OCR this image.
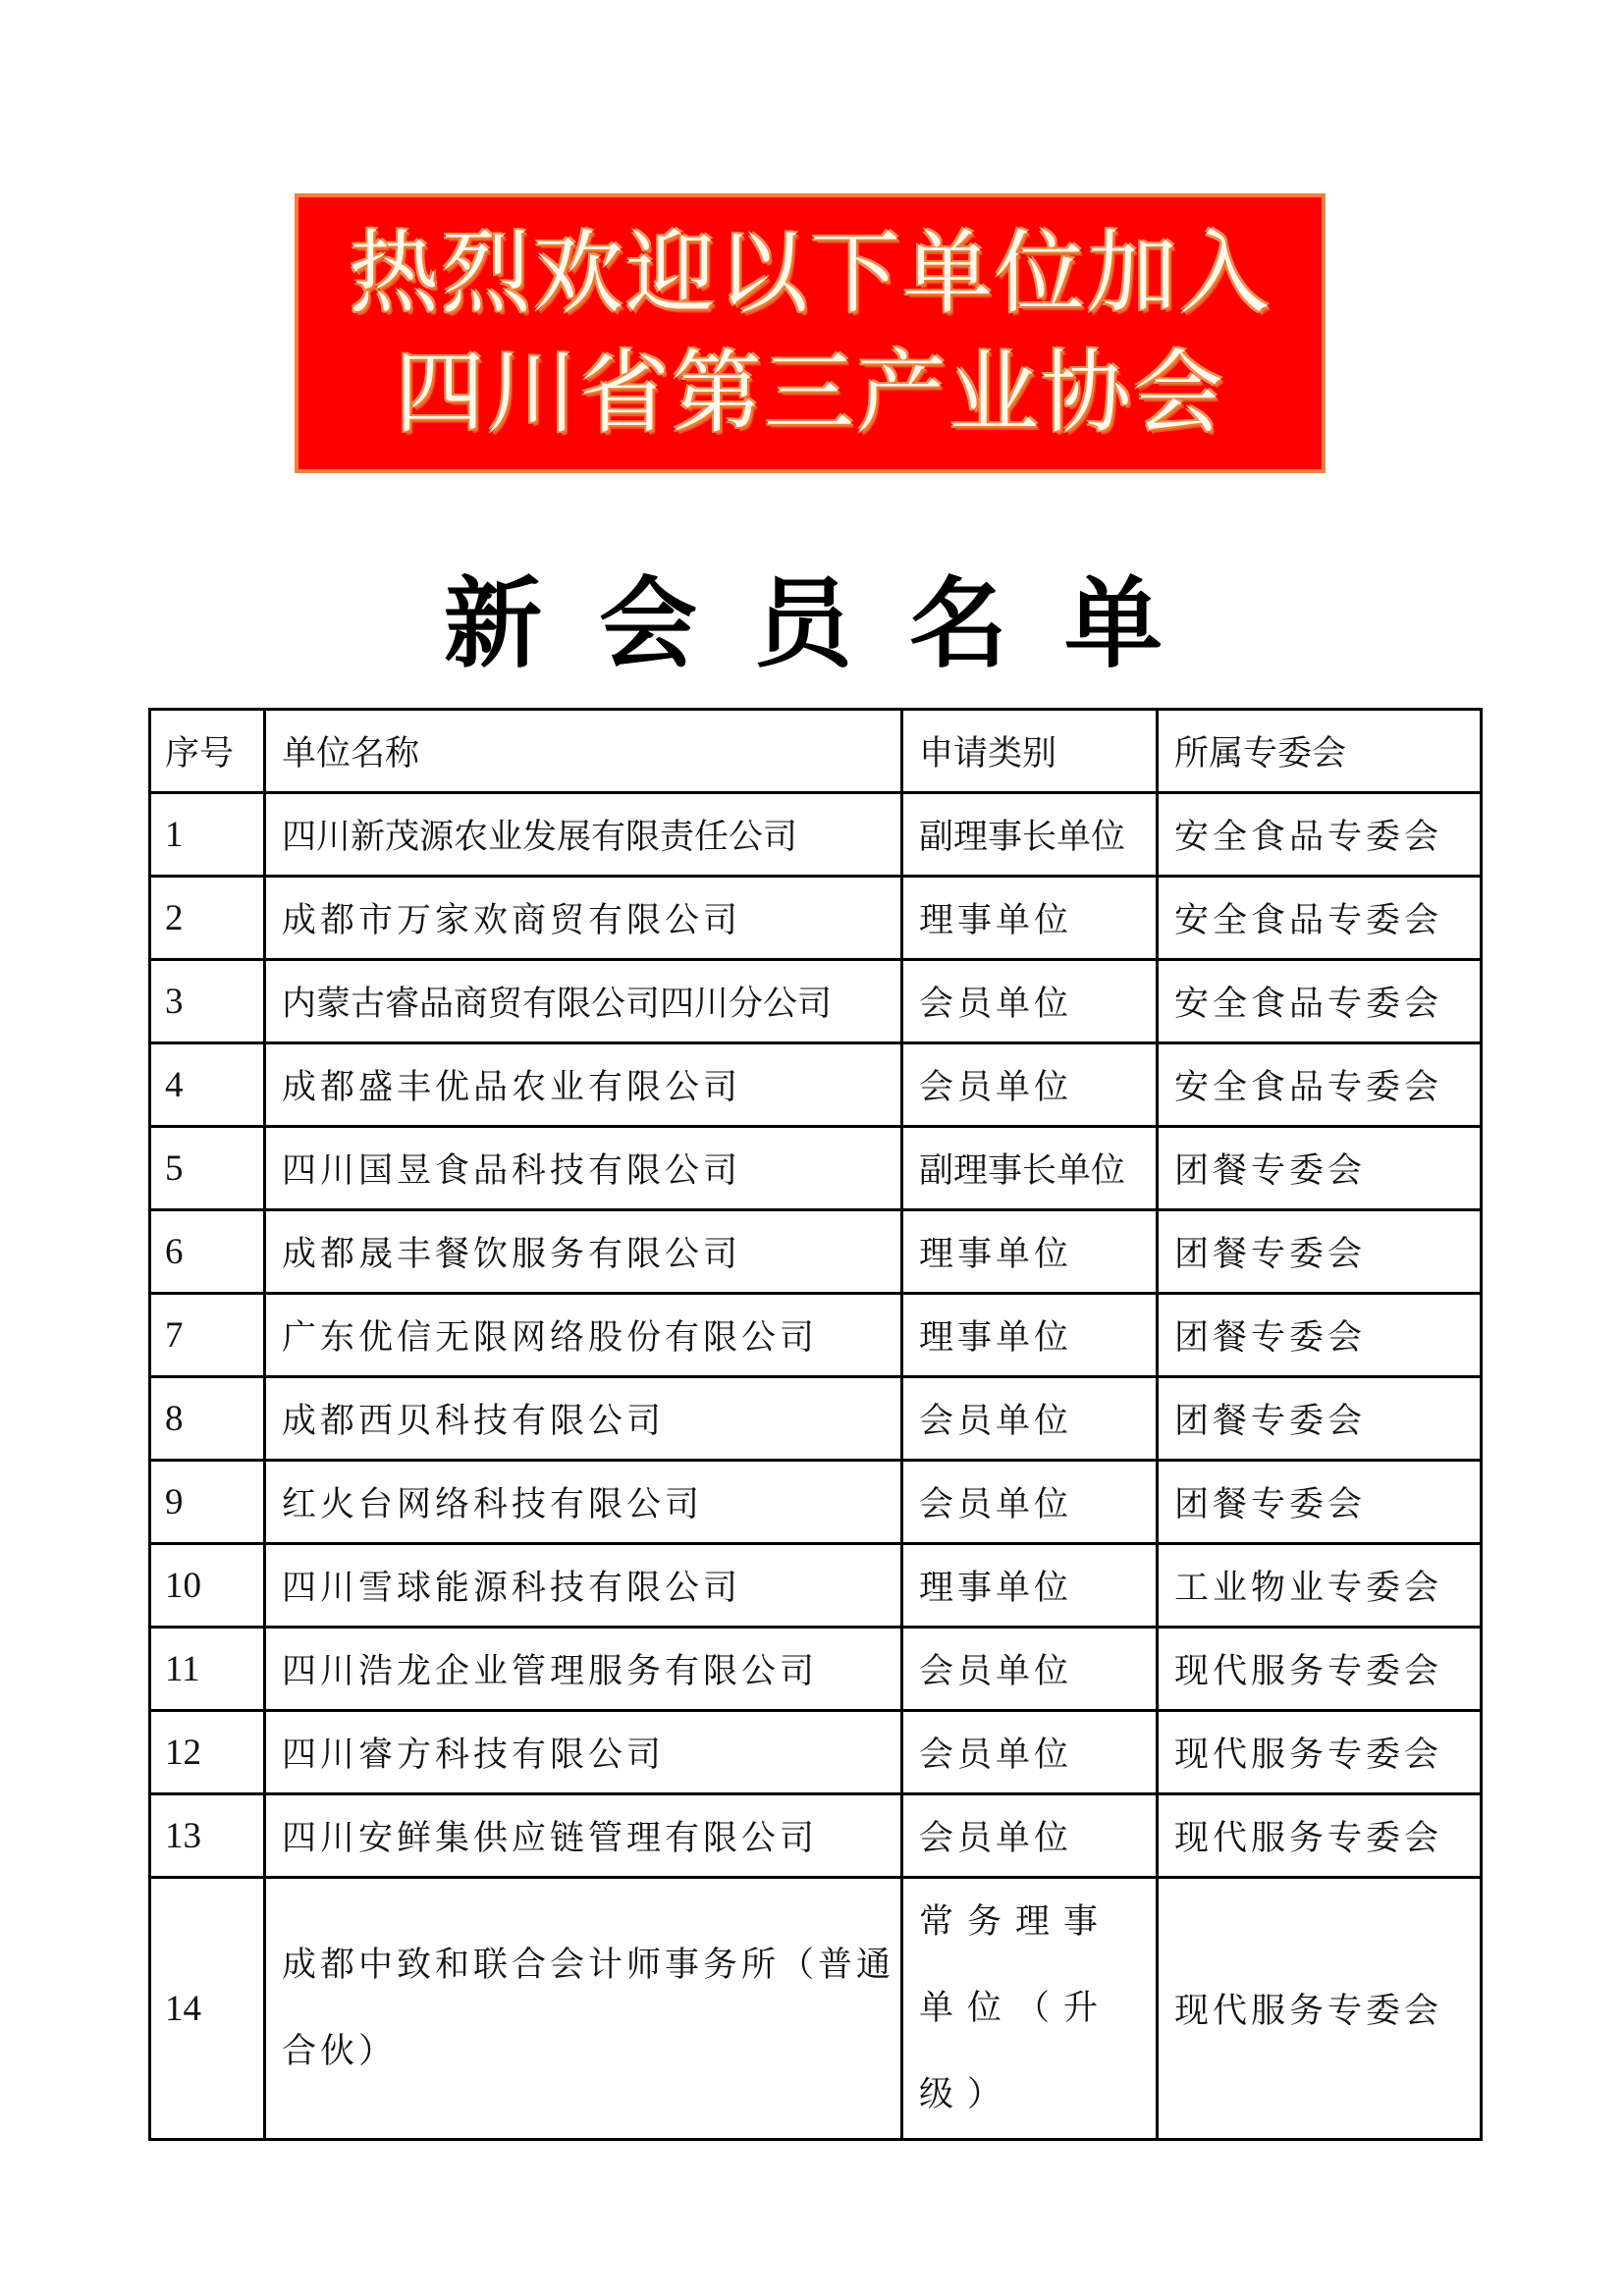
热烈欢迎以下单位加入
四川省第三产业协会
新会员名单
序号	单位名称	申请类别	所属专委会
1	四川新茂源农业发展有限责任公司	副理事长单位	安全食品专委会
2	成都市万家欢商贸有限公司	理事单位	安全食品专委会
3	内蒙古睿品商贸有限公司四川分公司	会员单位	安全食品专委会
4	成都盛丰优品农业有限公司	会员单位	安全食品专委会
5	四川国昱食品科技有限公司	副理事长单位	团餐专委会
6	成都晟丰餐饮服务有限公司	理事单位	团餐专委会
7	广东优信无限网络股份有限公司	理事单位	团餐专委会
8	成都西贝科技有限公司	会员单位	团餐专委会
9	红火台网络科技有限公司	会员单位	团餐专委会
10	四川雪球能源科技有限公司	理事单位	工业物业专委会
11	四川浩龙企业管理服务有限公司	会员单位	现代服务专委会
12	四川睿方科技有限公司	会员单位	现代服务专委会
13	四川安鲜集供应链管理有限公司	会员单位	现代服务专委会
14	成都中致和联合会计师事务所（普通合伙）	常务理事单位（升级）	现代服务专委会
